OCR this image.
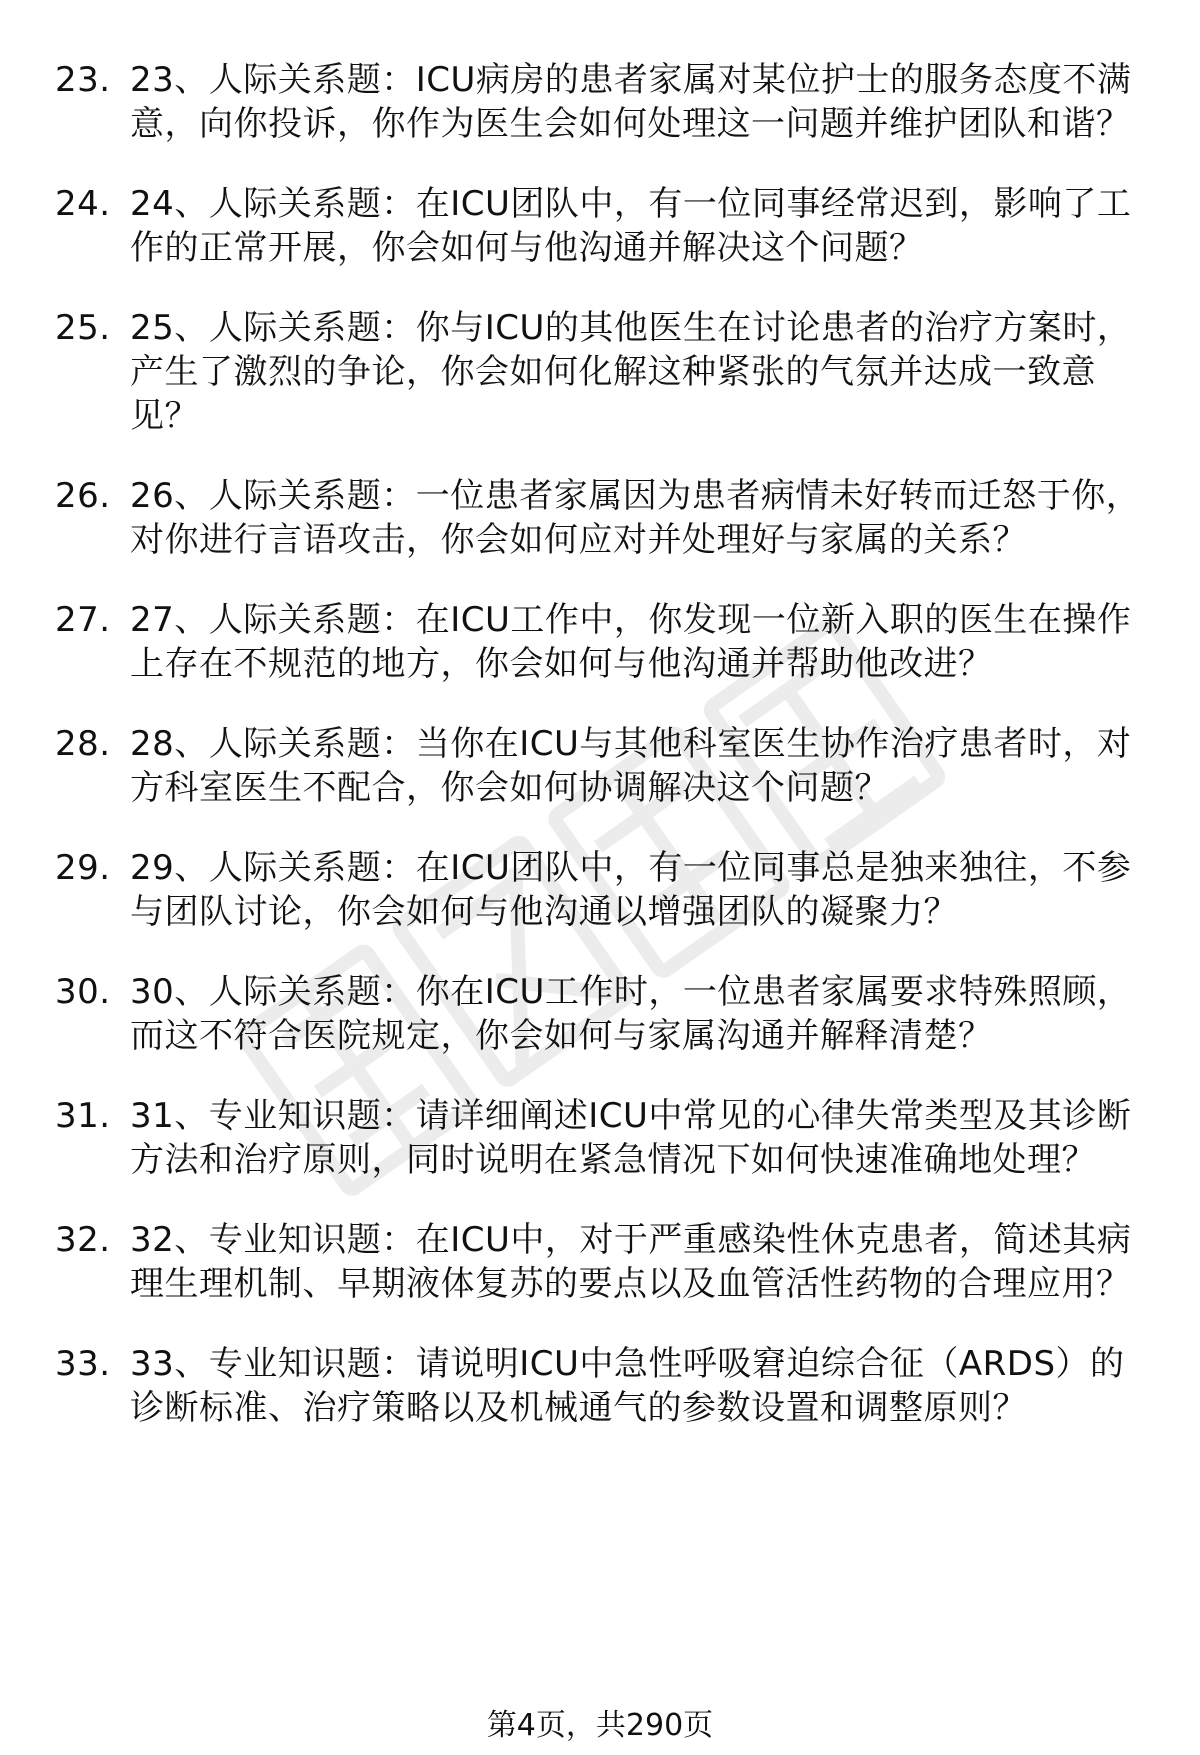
23. 23、人际关系题：ICU病房的患者家属对某位护士的服务态度不满意，向你投诉，你作为医生会如何处理这一问题并维护团队和谐？
24. 24、人际关系题：在ICU团队中，有一位同事经常迟到，影响了工作的正常开展，你会如何与他沟通并解决这个问题？
25. 25、人际关系题：你与ICU的其他医生在讨论患者的治疗方案时，产生了激烈的争论，你会如何化解这种紧张的气氛并达成一致意见？
26. 26、人际关系题：一位患者家属因为患者病情未好转而迁怒于你，对你进行言语攻击，你会如何应对并处理好与家属的关系？
27. 27、人际关系题：在ICU工作中，你发现一位新入职的医生在操作上存在不规范的地方，你会如何与他沟通并帮助他改进？
28. 28、人际关系题：当你在ICU与其他科室医生协作治疗患者时，对方科室医生不配合，你会如何协调解决这个问题？
29. 29、人际关系题：在ICU团队中，有一位同事总是独来独往，不参与团队讨论，你会如何与他沟通以增强团队的凝聚力？
30. 30、人际关系题：你在ICU工作时，一位患者家属要求特殊照顾，而这不符合医院规定，你会如何与家属沟通并解释清楚？
31. 31、专业知识题：请详细阐述ICU中常见的心律失常类型及其诊断方法和治疗原则，同时说明在紧急情况下如何快速准确地处理？
32. 32、专业知识题：在ICU中，对于严重感染性休克患者，简述其病理生理机制、早期液体复苏的要点以及血管活性药物的合理应用？
33. 33、专业知识题：请说明ICU中急性呼吸窘迫综合征（ARDS）的诊断标准、治疗策略以及机械通气的参数设置和调整原则？
第4页，共290页
